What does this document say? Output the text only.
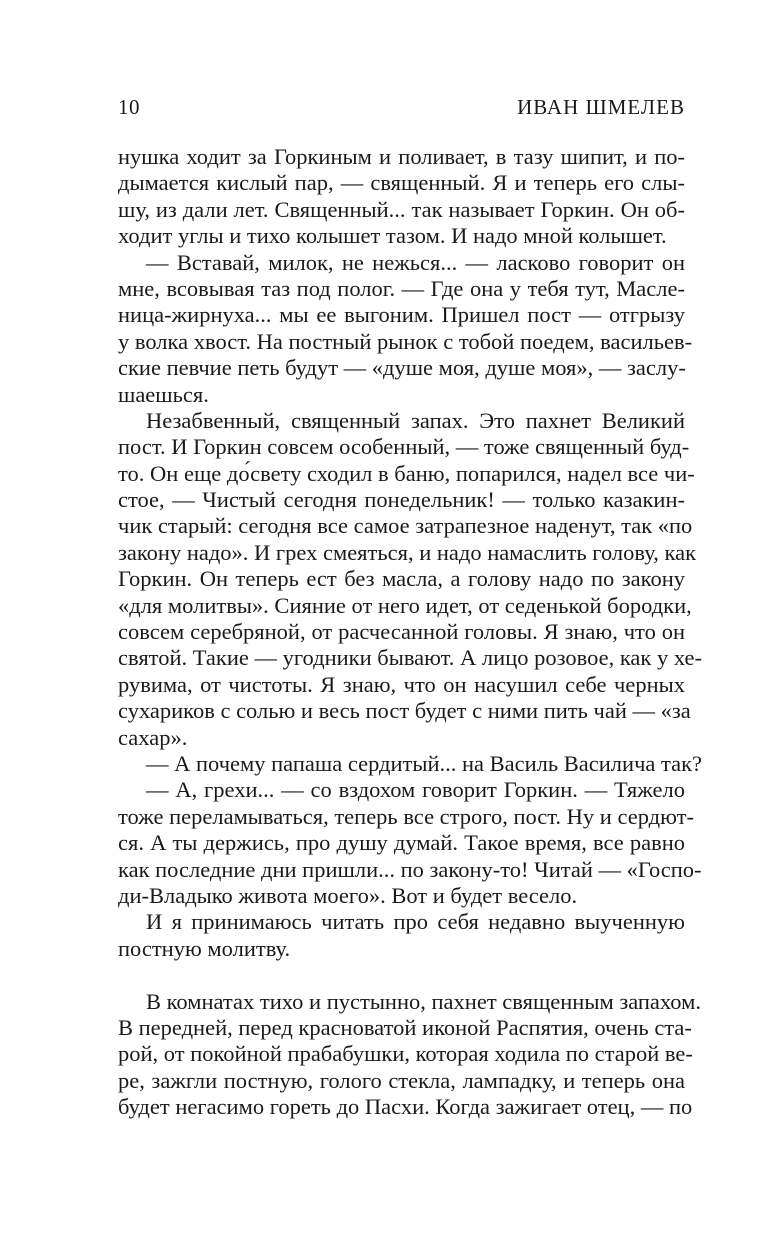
10	ИВАН ШМЕЛЕВ
нушка ходит за Горкиным и поливает, в тазу шипит, и по-
дымается кислый пар, — священный. Я и теперь его слы-
шу, из дали лет. Священный... так называет Горкин. Он об-
ходит углы и тихо колышет тазом. И надо мной колышет.
— Вставай, милок, не нежься... — ласково говорит он
мне, всовывая таз под полог. — Где она у тебя тут, Масле-
ница-жирнуха... мы ее выгоним. Пришел пост — отгрызу
у волка хвост. На постный рынок с тобой поедем, васильев-
ские певчие петь будут — «душе моя, душе моя», — заслу-
шаешься.
Незабвенный, священный запах. Это пахнет Великий
пост. И Горкин совсем особенный, — тоже священный буд-
то. Он еще до́свету сходил в баню, попарился, надел все чи-
стое, — Чистый сегодня понедельник! — только казакин-
чик старый: сегодня все самое затрапезное наденут, так «по
закону надо». И грех смеяться, и надо намаслить голову, как
Горкин. Он теперь ест без масла, а голову надо по закону
«для молитвы». Сияние от него идет, от седенькой бородки,
совсем серебряной, от расчесанной головы. Я знаю, что он
святой. Такие — угодники бывают. А лицо розовое, как у хе-
рувима, от чистоты. Я знаю, что он насушил себе черных
сухариков с солью и весь пост будет с ними пить чай — «за
сахар».
— А почему папаша сердитый... на Василь Василича так?
— А, грехи... — со вздохом говорит Горкин. — Тяжело
тоже переламываться, теперь все строго, пост. Ну и сердют-
ся. А ты держись, про душу думай. Такое время, все равно
как последние дни пришли... по закону-то! Читай — «Госпо-
ди-Владыко живота моего». Вот и будет весело.
И я принимаюсь читать про себя недавно выученную
постную молитву.
В комнатах тихо и пустынно, пахнет священным запахом.
В передней, перед красноватой иконой Распятия, очень ста-
рой, от покойной прабабушки, которая ходила по старой ве-
ре, зажгли постную, голого стекла, лампадку, и теперь она
будет негасимо гореть до Пасхи. Когда зажигает отец, — по
